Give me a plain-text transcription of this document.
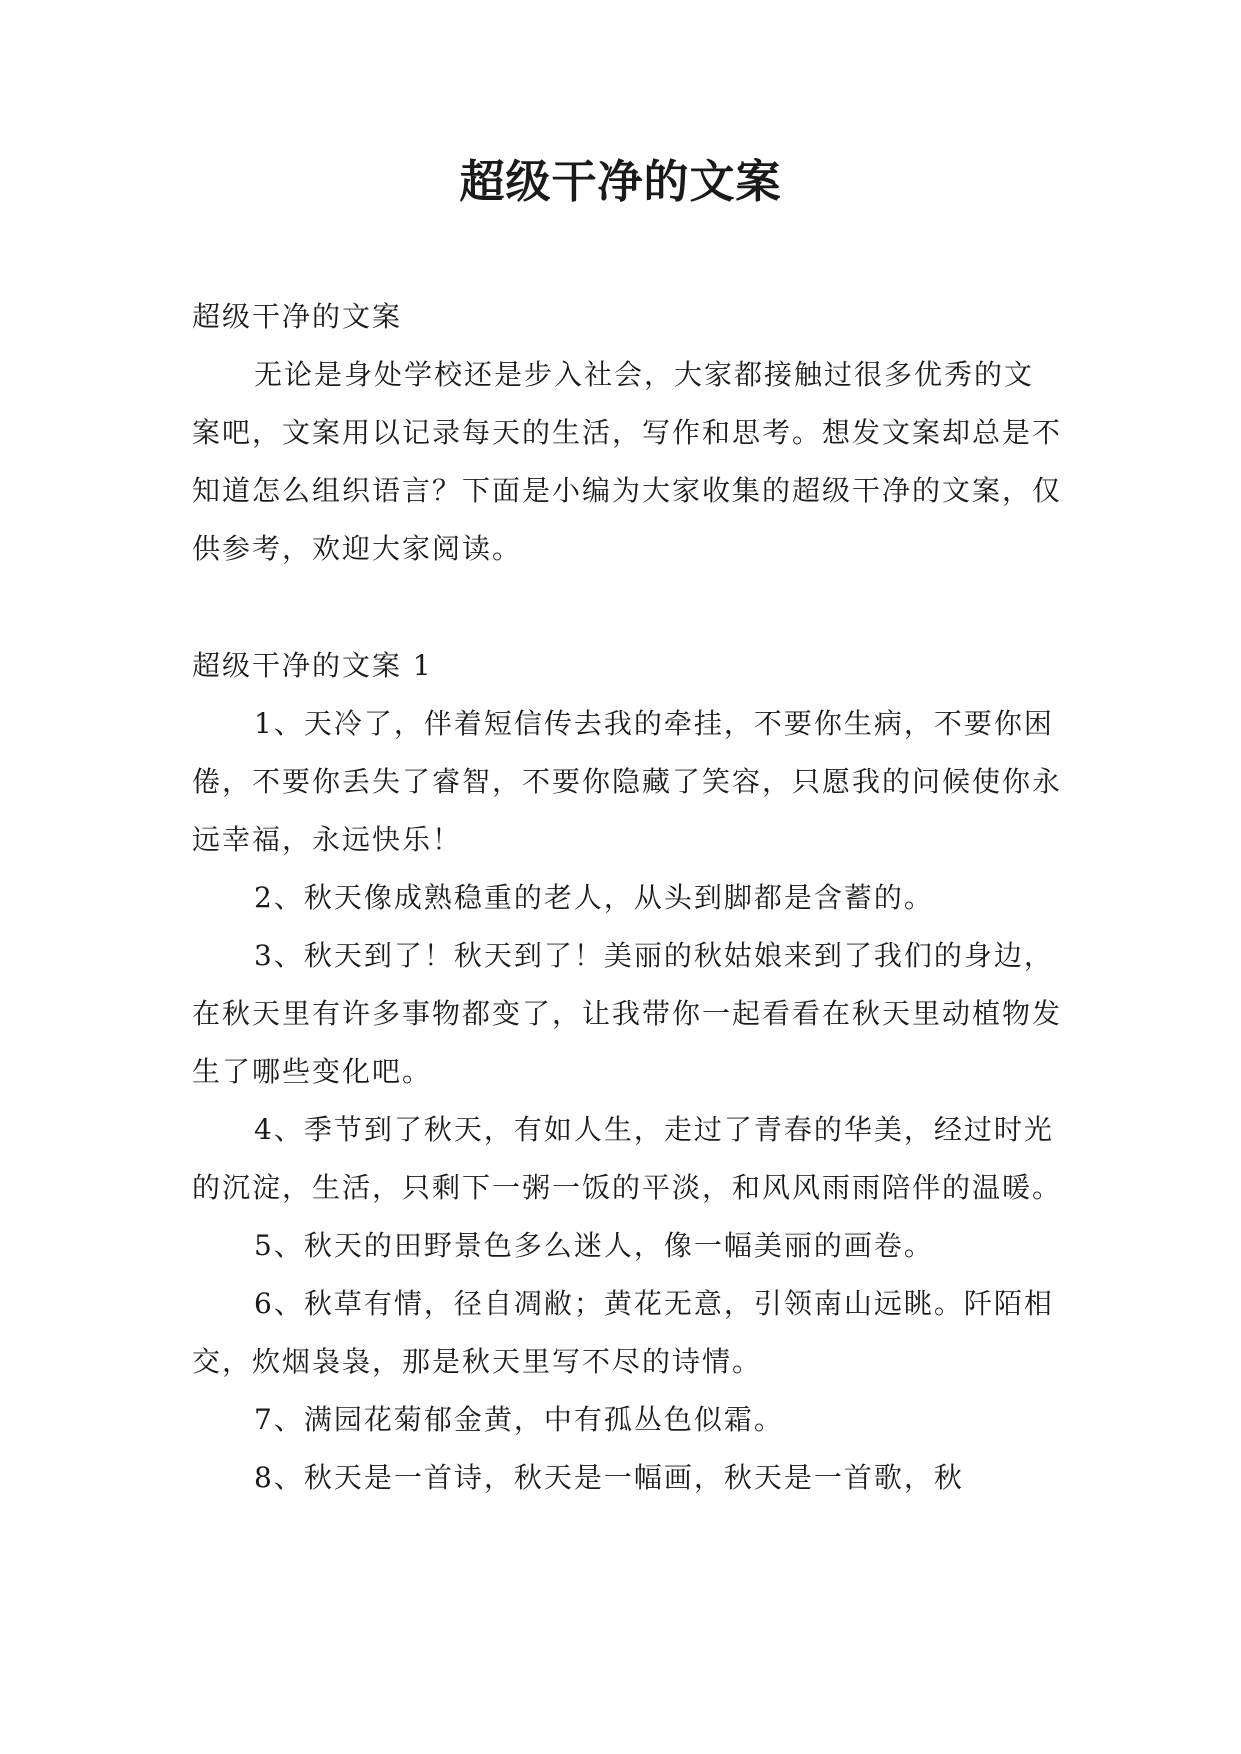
超级干净的文案

超级干净的文案

无论是身处学校还是步入社会，大家都接触过很多优秀的文案吧，文案用以记录每天的生活，写作和思考。想发文案却总是不知道怎么组织语言？下面是小编为大家收集的超级干净的文案，仅供参考，欢迎大家阅读。

超级干净的文案 1

1、天冷了，伴着短信传去我的牵挂，不要你生病，不要你困倦，不要你丢失了睿智，不要你隐藏了笑容，只愿我的问候使你永远幸福，永远快乐！

2、秋天像成熟稳重的老人，从头到脚都是含蓄的。

3、秋天到了！秋天到了！美丽的秋姑娘来到了我们的身边，在秋天里有许多事物都变了，让我带你一起看看在秋天里动植物发生了哪些变化吧。

4、季节到了秋天，有如人生，走过了青春的华美，经过时光的沉淀，生活，只剩下一粥一饭的平淡，和风风雨雨陪伴的温暖。

5、秋天的田野景色多么迷人，像一幅美丽的画卷。

6、秋草有情，径自凋敝；黄花无意，引领南山远眺。阡陌相交，炊烟袅袅，那是秋天里写不尽的诗情。

7、满园花菊郁金黄，中有孤丛色似霜。

8、秋天是一首诗，秋天是一幅画，秋天是一首歌，秋
